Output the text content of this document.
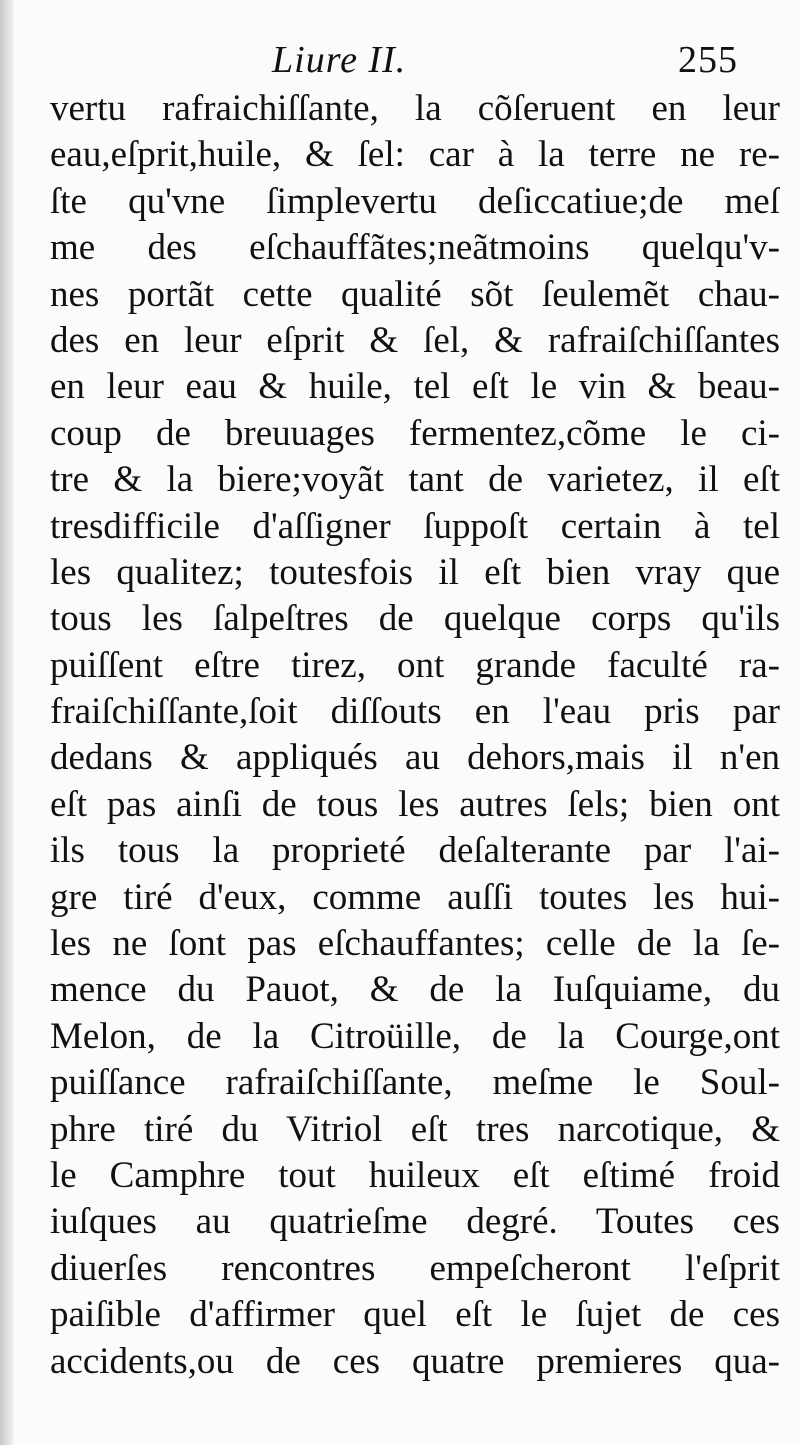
Liure II.	255
vertu rafraichiſſante, la cõſeruent en leur
eau,eſprit,huile, & ſel: car à la terre ne re-
ſte qu'vne ſimplevertu deſiccatiue;de meſ
me des eſchauffãtes;neãtmoins quelqu'v-
nes portãt cette qualité sõt ſeulemẽt chau-
des en leur eſprit & ſel, & rafraiſchiſſantes
en leur eau & huile, tel eſt le vin & beau-
coup de breuuages fermentez,cõme le ci-
tre & la biere;voyãt tant de varietez, il eſt
tresdifficile d'aſſigner ſuppoſt certain à tel
les qualitez; toutesfois il eſt bien vray que
tous les ſalpeſtres de quelque corps qu'ils
puiſſent eſtre tirez, ont grande faculté ra-
fraiſchiſſante,ſoit diſſouts en l'eau pris par
dedans & appliqués au dehors,mais il n'en
eſt pas ainſi de tous les autres ſels; bien ont
ils tous la proprieté deſalterante par l'ai-
gre tiré d'eux, comme auſſi toutes les hui-
les ne ſont pas eſchauffantes; celle de la ſe-
mence du Pauot, & de la Iuſquiame, du
Melon, de la Citroüille, de la Courge,ont
puiſſance rafraiſchiſſante, meſme le Soul-
phre tiré du Vitriol eſt tres narcotique, &
le Camphre tout huileux eſt eſtimé froid
iuſques au quatrieſme degré. Toutes ces
diuerſes rencontres empeſcheront l'eſprit
paiſible d'affirmer quel eſt le ſujet de ces
accidents,ou de ces quatre premieres qua-
